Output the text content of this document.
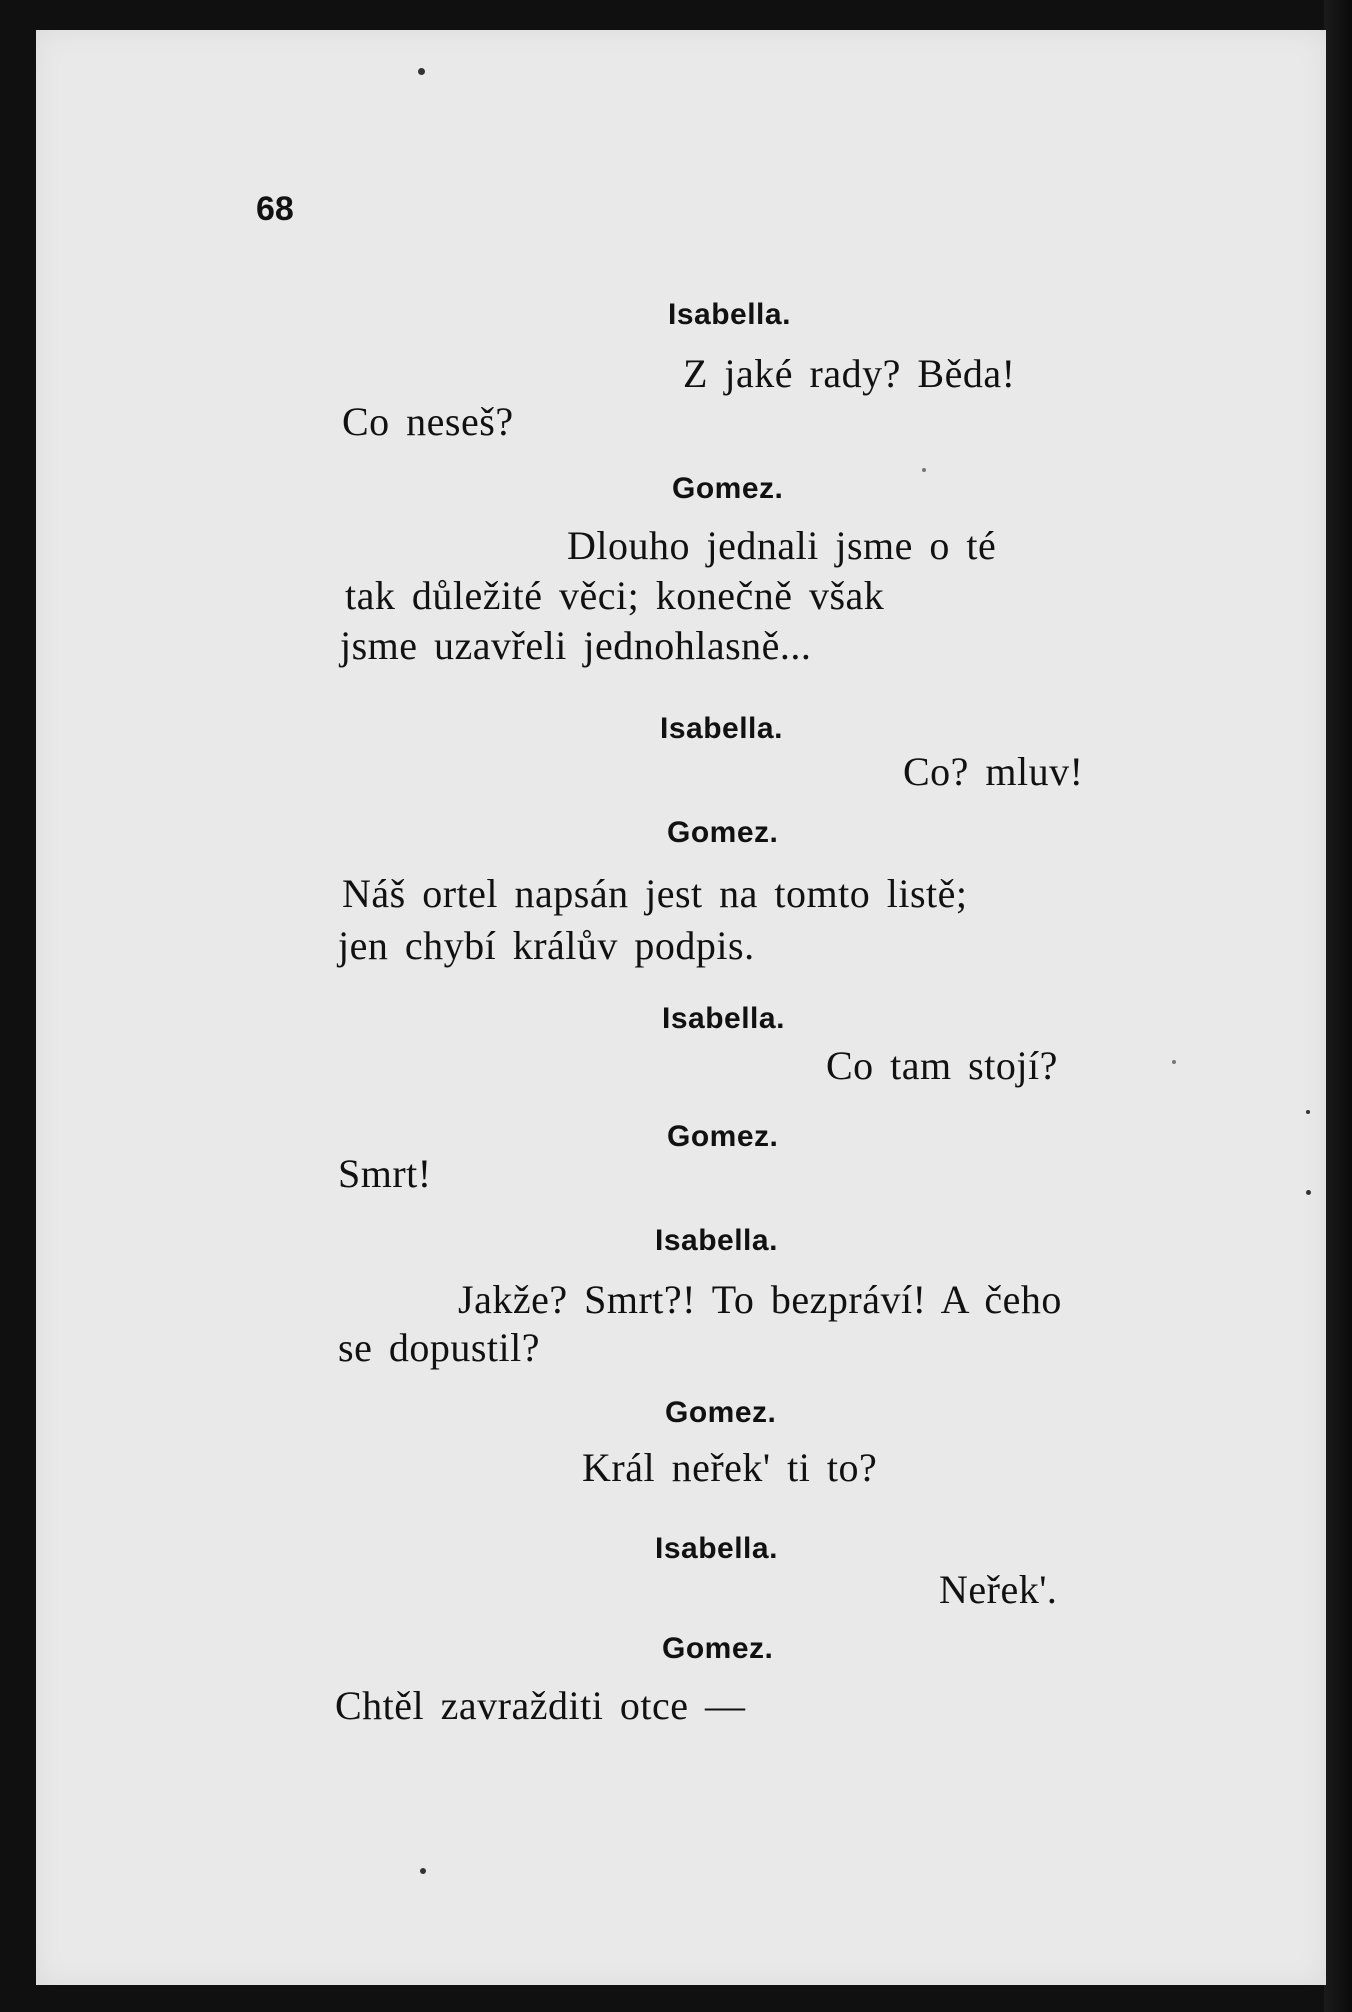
68
Isabella.
Z jaké rady? Běda!
Co neseš?
Gomez.
Dlouho jednali jsme o té
tak důležité věci; konečně však
jsme uzavřeli jednohlasně...
Isabella.
Co? mluv!
Gomez.
Náš ortel napsán jest na tomto listě;
jen chybí králův podpis.
Isabella.
Co tam stojí?
Gomez.
Smrt!
Isabella.
Jakže? Smrt?! To bezpráví! A čeho
se dopustil?
Gomez.
Král neřek' ti to?
Isabella.
Neřek'.
Gomez.
Chtěl zavražditi otce —
